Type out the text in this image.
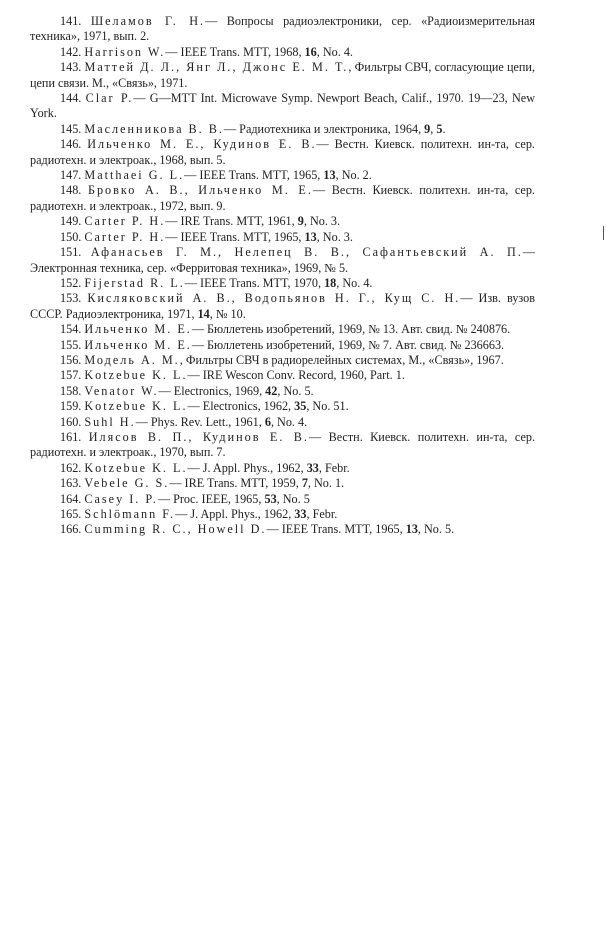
141. Шеламов Г. Н.— Вопросы радиоэлектроники, сер. «Радиоизмерительная техника», 1971, вып. 2.

142. Harrison W.— IEEE Trans. MTT, 1968, 16, No. 4.

143. Маттей Д. Л., Янг Л., Джонс Е. М. Т., Фильтры СВЧ, согласующие цепи, цепи связи. М., «Связь», 1971.

144. Clar P.— G—MTT Int. Microwave Symp. Newport Beach, Calif., 1970. 19—23, New York.

145. Масленникова В. В.— Радиотехника и электроника, 1964, 9, 5.

146. Ильченко М. Е., Кудинов Е. В.— Вестн. Киевск. политехн. ин-та, сер. радиотехн. и электроак., 1968, вып. 5.

147. Matthaei G. L.— IEEE Trans. MTT, 1965, 13, No. 2.

148. Бровко А. В., Ильченко М. Е.— Вестн. Киевск. политехн. ин-та, сер. радиотехн. и электроак., 1972, вып. 9.

149. Carter P. H.— IRE Trans. MTT, 1961, 9, No. 3.

150. Carter P. H.— IEEE Trans. MTT, 1965, 13, No. 3.

151. Афанасьев Г. М., Нелепец В. В., Сафантьевский А. П.— Электронная техника, сер. «Ферритовая техника», 1969, № 5.

152. Fijerstad R. L.— IEEE Trans. MTT, 1970, 18, No. 4.

153. Кисляковский А. В., Водопьянов Н. Г., Кущ С. Н.— Изв. вузов СССР. Радиоэлектроника, 1971, 14, № 10.

154. Ильченко М. Е.— Бюллетень изобретений, 1969, № 13. Авт. свид. № 240876.

155. Ильченко М. Е.— Бюллетень изобретений, 1969, № 7. Авт. свид. № 236663.

156. Модель А. М., Фильтры СВЧ в радиорелейных системах, М., «Связь», 1967.

157. Kotzebue K. L.— IRE Wescon Conv. Record, 1960, Part. 1.

158. Venator W.— Electronics, 1969, 42, No. 5.

159. Kotzebue K. L.— Electronics, 1962, 35, No. 51.

160. Suhl H.— Phys. Rev. Lett., 1961, 6, No. 4.

161. Илясов В. П., Кудинов Е. В.— Вестн. Киевск. политехн. ин-та, сер. радиотехн. и электроак., 1970, вып. 7.

162. Kotzebue K. L.— J. Appl. Phys., 1962, 33, Febr.

163. Vebele G. S.— IRE Trans. MTT, 1959, 7, No. 1.

164. Casey I. P.— Proc. IEEE, 1965, 53, No. 5

165. Schlömann F.— J. Appl. Phys., 1962, 33, Febr.

166. Cumming R. C., Howell D.— IEEE Trans. MTT, 1965, 13, No. 5.
